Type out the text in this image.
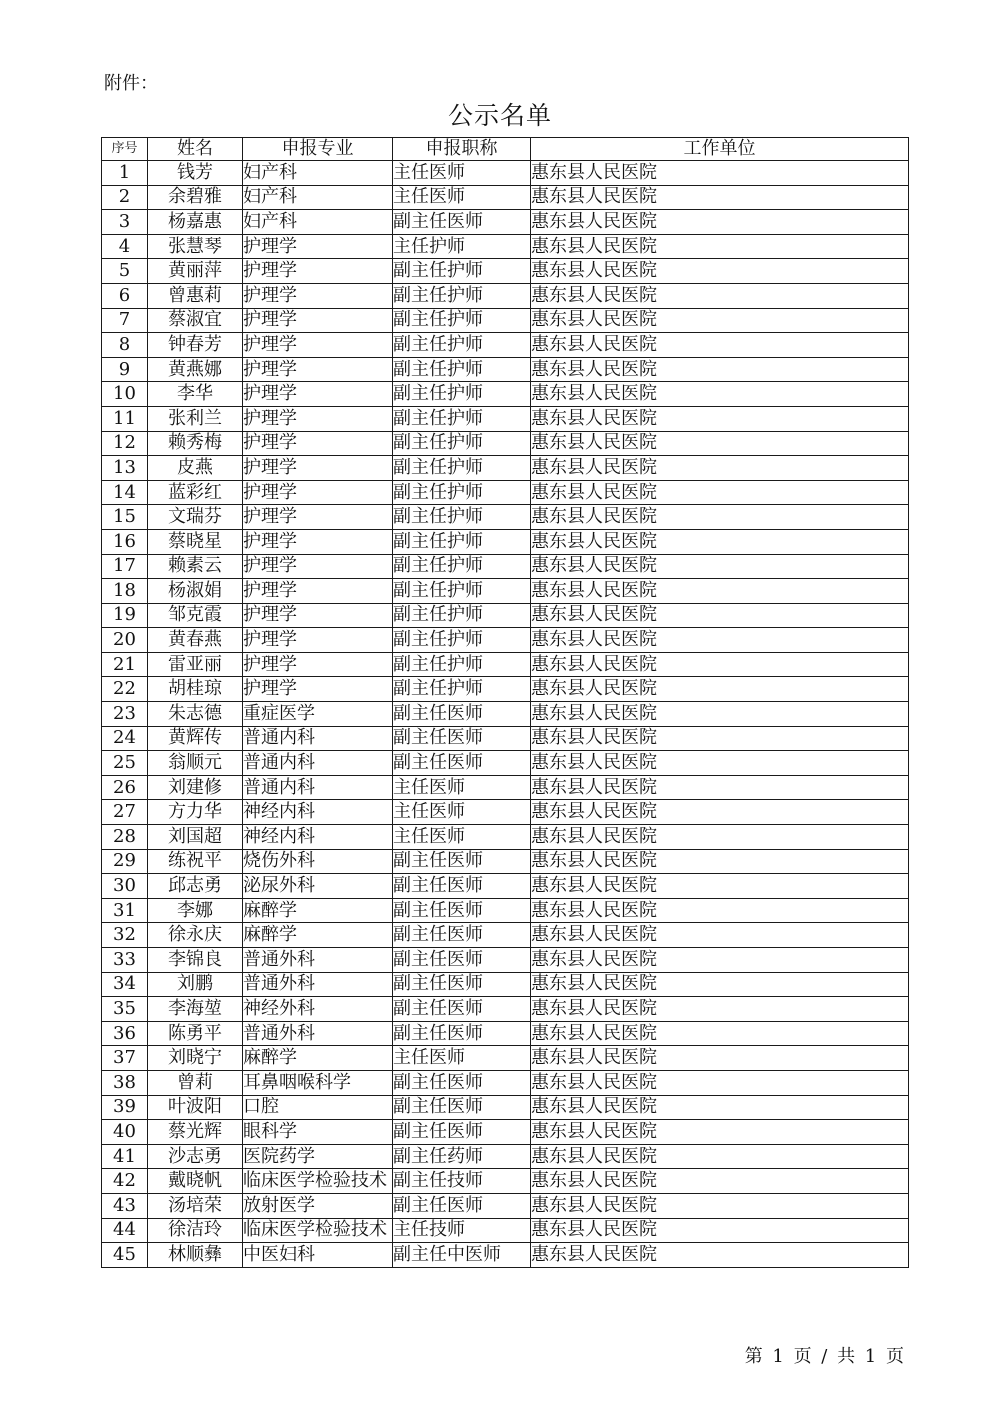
附件：
公示名单
序号	姓名	申报专业	申报职称	工作单位
1	钱芳	妇产科	主任医师	惠东县人民医院
2	余碧雅	妇产科	主任医师	惠东县人民医院
3	杨嘉惠	妇产科	副主任医师	惠东县人民医院
4	张慧琴	护理学	主任护师	惠东县人民医院
5	黄丽萍	护理学	副主任护师	惠东县人民医院
6	曾惠莉	护理学	副主任护师	惠东县人民医院
7	蔡淑宜	护理学	副主任护师	惠东县人民医院
8	钟春芳	护理学	副主任护师	惠东县人民医院
9	黄燕娜	护理学	副主任护师	惠东县人民医院
10	李华	护理学	副主任护师	惠东县人民医院
11	张利兰	护理学	副主任护师	惠东县人民医院
12	赖秀梅	护理学	副主任护师	惠东县人民医院
13	皮燕	护理学	副主任护师	惠东县人民医院
14	蓝彩红	护理学	副主任护师	惠东县人民医院
15	文瑞芬	护理学	副主任护师	惠东县人民医院
16	蔡晓星	护理学	副主任护师	惠东县人民医院
17	赖素云	护理学	副主任护师	惠东县人民医院
18	杨淑娟	护理学	副主任护师	惠东县人民医院
19	邹克霞	护理学	副主任护师	惠东县人民医院
20	黄春燕	护理学	副主任护师	惠东县人民医院
21	雷亚丽	护理学	副主任护师	惠东县人民医院
22	胡桂琼	护理学	副主任护师	惠东县人民医院
23	朱志德	重症医学	副主任医师	惠东县人民医院
24	黄辉传	普通内科	副主任医师	惠东县人民医院
25	翁顺元	普通内科	副主任医师	惠东县人民医院
26	刘建修	普通内科	主任医师	惠东县人民医院
27	方力华	神经内科	主任医师	惠东县人民医院
28	刘国超	神经内科	主任医师	惠东县人民医院
29	练祝平	烧伤外科	副主任医师	惠东县人民医院
30	邱志勇	泌尿外科	副主任医师	惠东县人民医院
31	李娜	麻醉学	副主任医师	惠东县人民医院
32	徐永庆	麻醉学	副主任医师	惠东县人民医院
33	李锦良	普通外科	副主任医师	惠东县人民医院
34	刘鹏	普通外科	副主任医师	惠东县人民医院
35	李海堃	神经外科	副主任医师	惠东县人民医院
36	陈勇平	普通外科	副主任医师	惠东县人民医院
37	刘晓宁	麻醉学	主任医师	惠东县人民医院
38	曾莉	耳鼻咽喉科学	副主任医师	惠东县人民医院
39	叶波阳	口腔	副主任医师	惠东县人民医院
40	蔡光辉	眼科学	副主任医师	惠东县人民医院
41	沙志勇	医院药学	副主任药师	惠东县人民医院
42	戴晓帆	临床医学检验技术	副主任技师	惠东县人民医院
43	汤培荣	放射医学	副主任医师	惠东县人民医院
44	徐洁玲	临床医学检验技术	主任技师	惠东县人民医院
45	林顺彝	中医妇科	副主任中医师	惠东县人民医院
第 1 页 / 共 1 页
